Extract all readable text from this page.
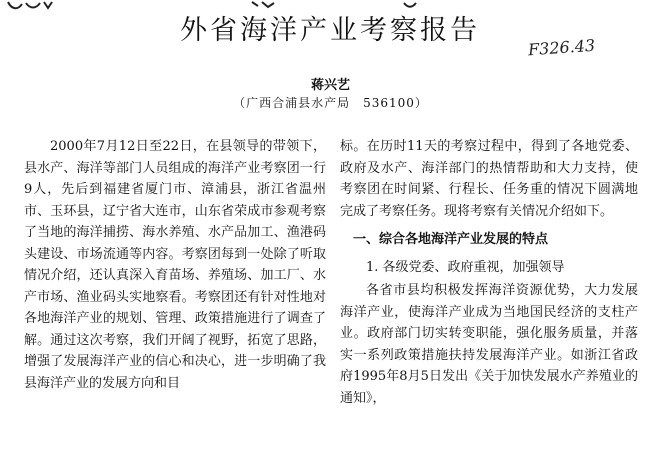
外省海洋产业考察报告
F326.43
蒋兴艺
（广西合浦县水产局　536100）

2000年7月12日至22日，在县领导的带领下，县水产、海洋等部门人员组成的海洋产业考察团一行9人，先后到福建省厦门市、漳浦县，浙江省温州市、玉环县，辽宁省大连市，山东省荣成市参观考察了当地的海洋捕捞、海水养殖、水产品加工、渔港码头建设、市场流通等内容。考察团每到一处除了听取情况介绍，还认真深入育苗场、养殖场、加工厂、水产市场、渔业码头实地察看。考察团还有针对性地对各地海洋产业的规划、管理、政策措施进行了调查了解。通过这次考察，我们开阔了视野，拓宽了思路，增强了发展海洋产业的信心和决心，进一步明确了我县海洋产业的发展方向和目

标。在历时11天的考察过程中，得到了各地党委、政府及水产、海洋部门的热情帮助和大力支持，使考察团在时间紧、行程长、任务重的情况下圆满地完成了考察任务。现将考察有关情况介绍如下。

一、综合各地海洋产业发展的特点

1. 各级党委、政府重视，加强领导

各省市县均积极发挥海洋资源优势，大力发展海洋产业，使海洋产业成为当地国民经济的支柱产业。政府部门切实转变职能，强化服务质量，并落实一系列政策措施扶持发展海洋产业。如浙江省政府1995年8月5日发出《关于加快发展水产养殖业的通知》，
